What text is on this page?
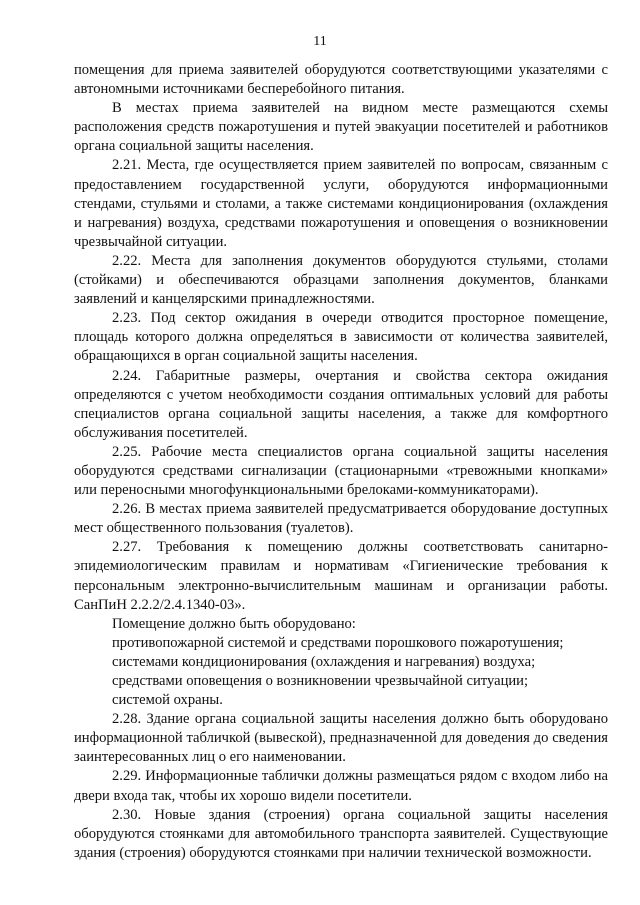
11

помещения для приема заявителей оборудуются соответствующими указателями с автономными источниками бесперебойного питания.

В местах приема заявителей на видном месте размещаются схемы расположения средств пожаротушения и путей эвакуации посетителей и работников органа социальной защиты населения.

2.21. Места, где осуществляется прием заявителей по вопросам, связанным с предоставлением государственной услуги, оборудуются информационными стендами, стульями и столами, а также системами кондиционирования (охлаждения и нагревания) воздуха, средствами пожаротушения и оповещения о возникновении чрезвычайной ситуации.

2.22. Места для заполнения документов оборудуются стульями, столами (стойками) и обеспечиваются образцами заполнения документов, бланками заявлений и канцелярскими принадлежностями.

2.23. Под сектор ожидания в очереди отводится просторное помещение, площадь которого должна определяться в зависимости от количества заявителей, обращающихся в орган социальной защиты населения.

2.24. Габаритные размеры, очертания и свойства сектора ожидания определяются с учетом необходимости создания оптимальных условий для работы специалистов органа социальной защиты населения, а также для комфортного обслуживания посетителей.

2.25. Рабочие места специалистов органа социальной защиты населения оборудуются средствами сигнализации (стационарными «тревожными кнопками» или переносными многофункциональными брелоками-коммуникаторами).

2.26. В местах приема заявителей предусматривается оборудование доступных мест общественного пользования (туалетов).

2.27. Требования к помещению должны соответствовать санитарно-эпидемиологическим правилам и нормативам «Гигиенические требования к персональным электронно-вычислительным машинам и организации работы. СанПиН 2.2.2/2.4.1340-03».

Помещение должно быть оборудовано:

противопожарной системой и средствами порошкового пожаротушения;

системами кондиционирования (охлаждения и нагревания) воздуха;

средствами оповещения о возникновении чрезвычайной ситуации;

системой охраны.

2.28. Здание органа социальной защиты населения должно быть оборудовано информационной табличкой (вывеской), предназначенной для доведения до сведения заинтересованных лиц о его наименовании.

2.29. Информационные таблички должны размещаться рядом с входом либо на двери входа так, чтобы их хорошо видели посетители.

2.30. Новые здания (строения) органа социальной защиты населения оборудуются стоянками для автомобильного транспорта заявителей. Существующие здания (строения) оборудуются стоянками при наличии технической возможности.
